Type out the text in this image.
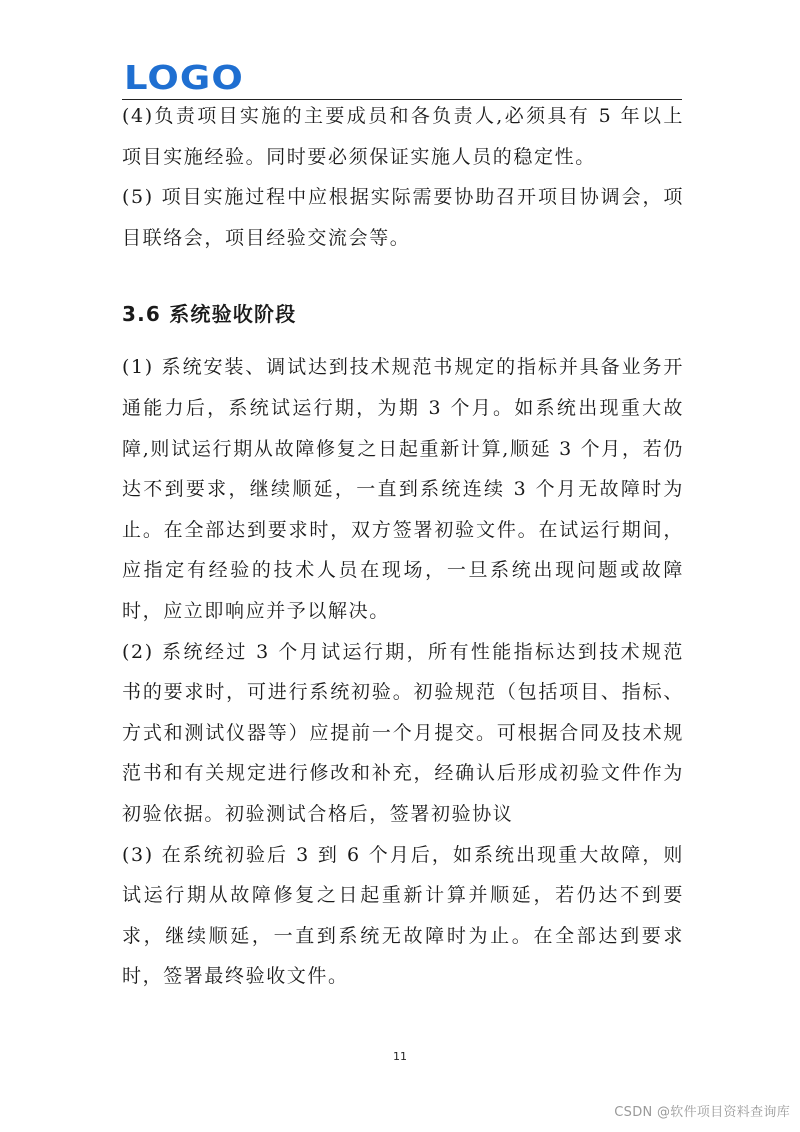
LOGO

(4)负责项目实施的主要成员和各负责人,必须具有 5 年以上项目实施经验。同时要必须保证实施人员的稳定性。

(5) 项目实施过程中应根据实际需要协助召开项目协调会，项目联络会，项目经验交流会等。

3.6 系统验收阶段

(1) 系统安装、调试达到技术规范书规定的指标并具备业务开通能力后，系统试运行期，为期 3 个月。如系统出现重大故障,则试运行期从故障修复之日起重新计算,顺延 3 个月，若仍达不到要求，继续顺延，一直到系统连续 3 个月无故障时为止。在全部达到要求时，双方签署初验文件。在试运行期间，应指定有经验的技术人员在现场，一旦系统出现问题或故障时，应立即响应并予以解决。

(2) 系统经过 3 个月试运行期，所有性能指标达到技术规范书的要求时，可进行系统初验。初验规范（包括项目、指标、方式和测试仪器等）应提前一个月提交。可根据合同及技术规范书和有关规定进行修改和补充，经确认后形成初验文件作为初验依据。初验测试合格后，签署初验协议

(3) 在系统初验后 3 到 6 个月后，如系统出现重大故障，则试运行期从故障修复之日起重新计算并顺延，若仍达不到要求，继续顺延，一直到系统无故障时为止。在全部达到要求时，签署最终验收文件。

11
CSDN @软件项目资料查询库
